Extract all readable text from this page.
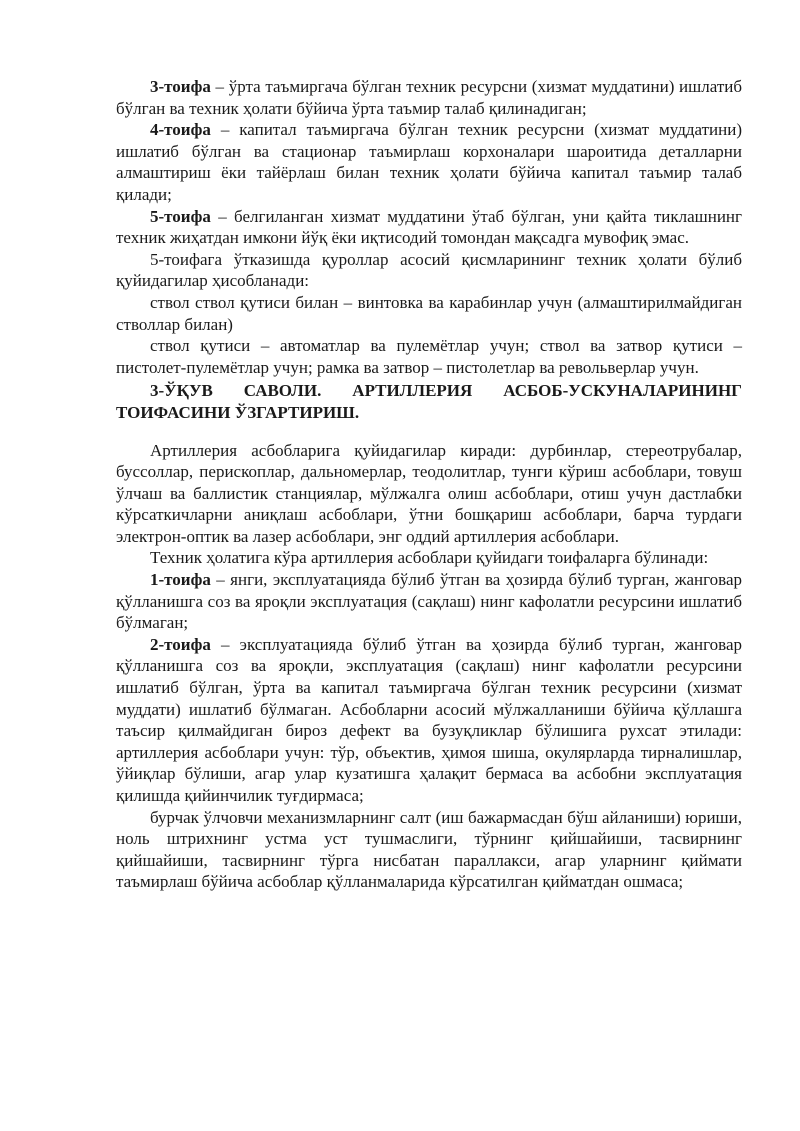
3-тоифа – ўрта таъмиргача бўлган техник ресурсни (хизмат муддатини) ишлатиб бўлган ва техник ҳолати бўйича ўрта таъмир талаб қилинадиган;

4-тоифа – капитал таъмиргача бўлган техник ресурсни (хизмат муддатини) ишлатиб бўлган ва стационар таъмирлаш корхоналари шароитида деталларни алмаштириш ёки тайёрлаш билан техник ҳолати бўйича капитал таъмир талаб қилади;

5-тоифа – белгиланган хизмат муддатини ўтаб бўлган, уни қайта тиклашнинг техник жиҳатдан имкони йўқ ёки иқтисодий томондан мақсадга мувофиқ эмас.

5-тоифага ўтказишда қуроллар асосий қисмларининг техник ҳолати бўлиб қуйидагилар ҳисобланади:

ствол ствол қутиси билан – винтовка ва карабинлар учун (алмаштирилмайдиган стволлар билан)

ствол қутиси – автоматлар ва пулемётлар учун; ствол ва затвор қутиси – пистолет-пулемётлар учун; рамка ва затвор – пистолетлар ва револьверлар учун.

3-ЎҚУВ САВОЛИ. АРТИЛЛЕРИЯ АСБОБ-УСКУНАЛАРИНИНГ ТОИФАСИНИ ЎЗГАРТИРИШ.

Артиллерия асбобларига қуйидагилар киради: дурбинлар, стереотрубалар, буссоллар, перископлар, дальномерлар, теодолитлар, тунги кўриш асбоблари, товуш ўлчаш ва баллистик станциялар, мўлжалга олиш асбоблари, отиш учун дастлабки кўрсаткичларни аниқлаш асбоблари, ўтни бошқариш асбоблари, барча турдаги электрон-оптик ва лазер асбоблари, энг оддий артиллерия асбоблари.

Техник ҳолатига кўра артиллерия асбоблари қуйидаги тоифаларга бўлинади:

1-тоифа – янги, эксплуатацияда бўлиб ўтган ва ҳозирда бўлиб турган, жанговар қўлланишга соз ва яроқли эксплуатация (сақлаш) нинг кафолатли ресурсини ишлатиб бўлмаган;

2-тоифа – эксплуатацияда бўлиб ўтган ва ҳозирда бўлиб турган, жанговар қўлланишга соз ва яроқли, эксплуатация (сақлаш) нинг кафолатли ресурсини ишлатиб бўлган, ўрта ва капитал таъмиргача бўлган техник ресурсини (хизмат муддати) ишлатиб бўлмаган. Асбобларни асосий мўлжалланиши бўйича қўллашга таъсир қилмайдиган бироз дефект ва бузуқликлар бўлишига рухсат этилади: артиллерия асбоблари учун: тўр, объектив, ҳимоя шиша, окулярларда тирналишлар, ўйиқлар бўлиши, агар улар кузатишга ҳалақит бермаса ва асбобни эксплуатация қилишда қийинчилик туғдирмаса;

бурчак ўлчовчи механизмларнинг салт (иш бажармасдан бўш айланиши) юриши, ноль штрихнинг устма уст тушмаслиги, тўрнинг қийшайиши, тасвирнинг қийшайиши, тасвирнинг тўрга нисбатан параллакси, агар уларнинг қиймати таъмирлаш бўйича асбоблар қўлланмаларида кўрсатилган қийматдан ошмаса;
